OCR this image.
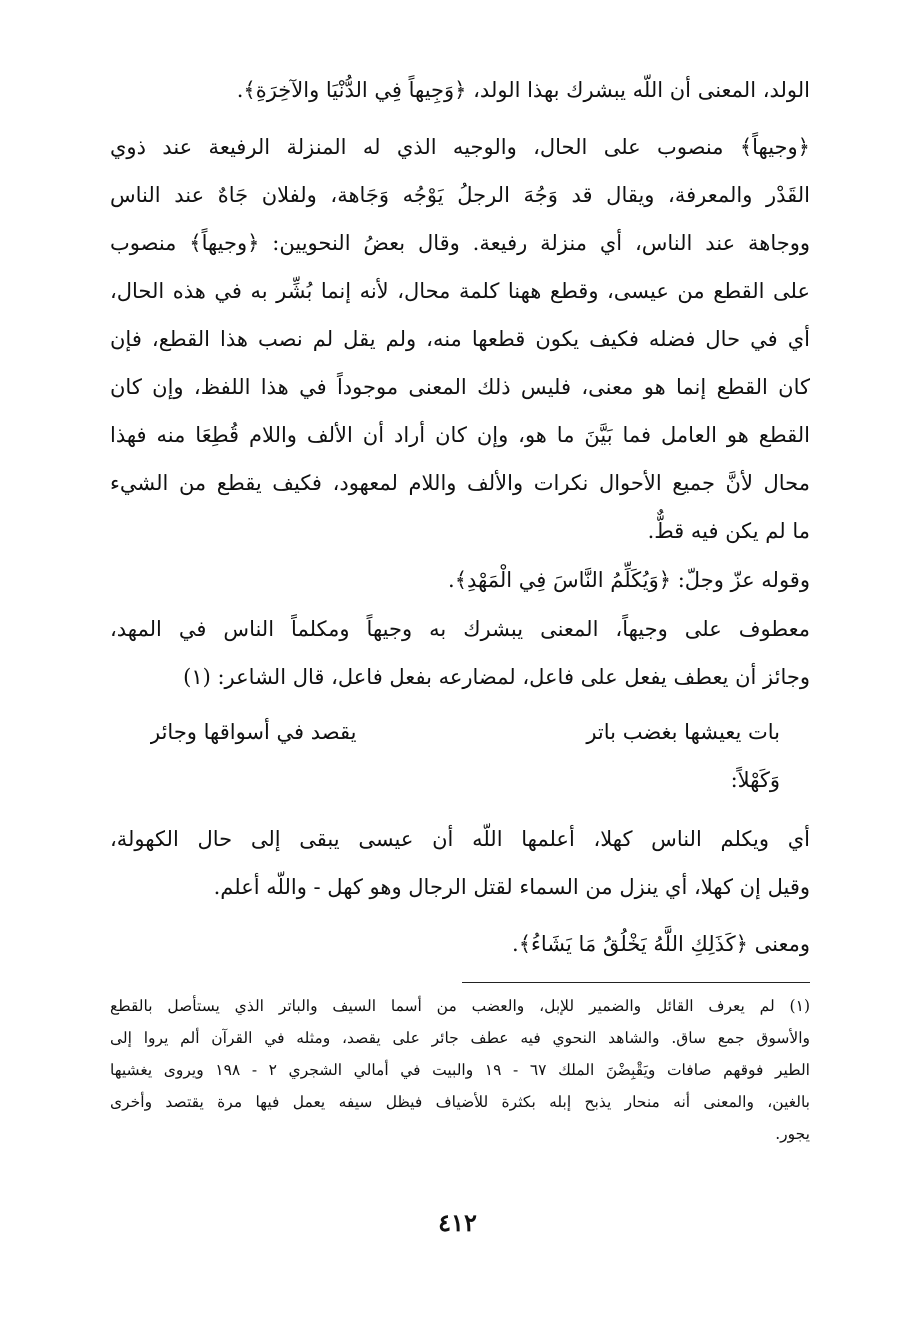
الولد، المعنى أن اللّه يبشرك بهذا الولد، ﴿وَجِيهاً فِي الدُّنْيَا والآخِرَةِ﴾.
﴿وجيهاً﴾ منصوب على الحال، والوجيه الذي له المنزلة الرفيعة عند ذوي
القَدْر والمعرفة، ويقال قد وَجُهَ الرجلُ يَوْجُه وَجَاهة، ولفلان جَاهٌ عند الناس
ووجاهة عند الناس، أي منزلة رفيعة. وقال بعضُ النحويين: ﴿وجيهاً﴾ منصوب
على القطع من عيسى، وقطع ههنا كلمة محال، لأنه إنما بُشِّر به في هذه الحال،
أي في حال فضله فكيف يكون قطعها منه، ولم يقل لم نصب هذا القطع، فإن
كان القطع إنما هو معنى، فليس ذلك المعنى موجوداً في هذا اللفظ، وإن كان
القطع هو العامل فما بَيَّنَ ما هو، وإن كان أراد أن الألف واللام قُطِعَا منه فهذا
محال لأنَّ جميع الأحوال نكرات والألف واللام لمعهود، فكيف يقطع من الشيء
ما لم يكن فيه قطٌّ.
وقوله عزّ وجلّ: ﴿وَيُكَلِّمُ النَّاسَ فِي الْمَهْدِ﴾.
معطوف على وجيهاً، المعنى يبشرك به وجيهاً ومكلماً الناس في المهد،
وجائز أن يعطف يفعل على فاعل، لمضارعه بفعل فاعل، قال الشاعر: (١)
بات يعيشها بغضب باتر
يقصد في أسواقها وجائر
وَكَهْلاً:
أي ويكلم الناس كهلا، أعلمها اللّه أن عيسى يبقى إلى حال الكهولة،
وقيل إن كهلا، أي ينزل من السماء لقتل الرجال وهو كهل - واللّه أعلم.
ومعنى ﴿كَذَلِكِ اللَّهُ يَخْلُقُ مَا يَشَاءُ﴾.
(١) لم يعرف القائل والضمير للإبل، والعضب من أسما السيف والباتر الذي يستأصل بالقطع
والأسوق جمع ساق. والشاهد النحوي فيه عطف جائر على يقصد، ومثله في القرآن ألم يروا إلى
الطير فوقهم صافات ويَقْبِضْنَ الملك ٦٧ - ١٩ والبيت في أمالي الشجري ٢ - ١٩٨ ويروى يغشيها
بالغين، والمعنى أنه منحار يذبح إبله بكثرة للأضياف فيظل سيفه يعمل فيها مرة يقتصد وأخرى
يجور.
٤١٢
